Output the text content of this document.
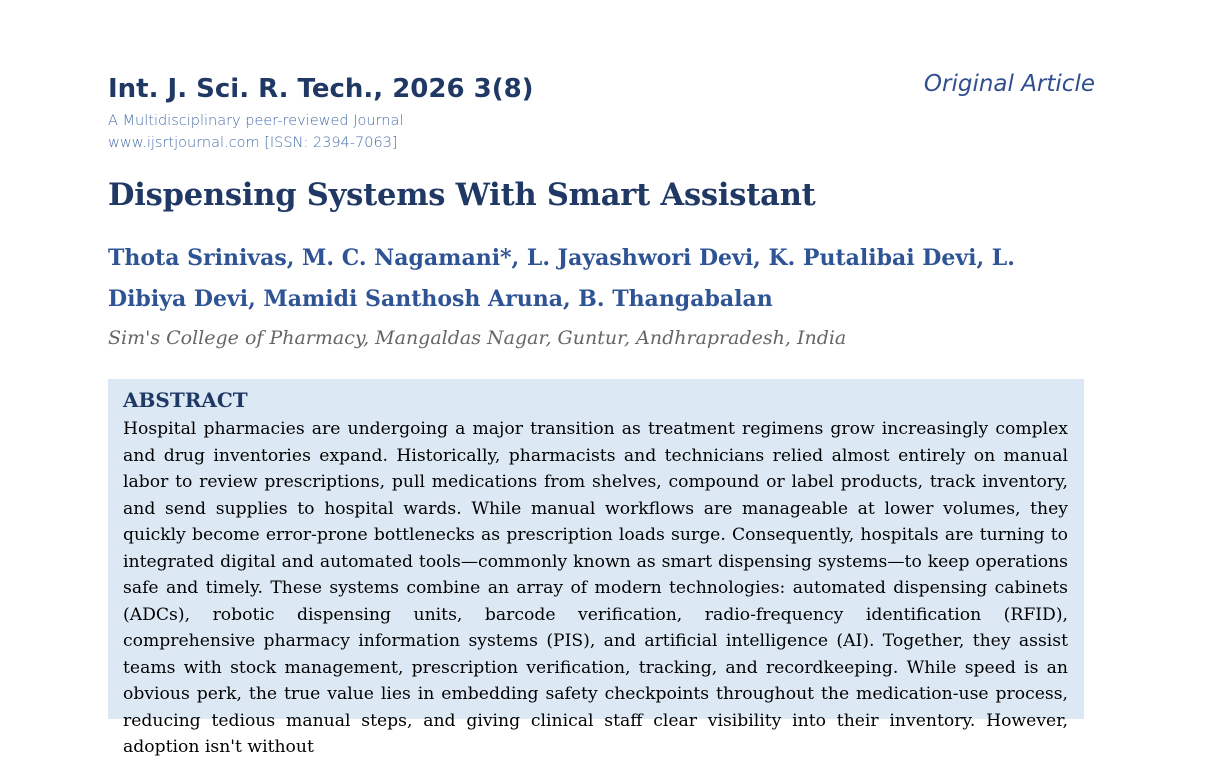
Int. J. Sci. R. Tech., 2026 3(8)
A Multidisciplinary peer-reviewed Journal
www.ijsrtjournal.com [ISSN: 2394-7063]
Original Article
Dispensing Systems With Smart Assistant
Thota Srinivas, M. C. Nagamani*, L. Jayashwori Devi, K. Putalibai Devi, L. Dibiya Devi, Mamidi Santhosh Aruna, B. Thangabalan
Sim's College of Pharmacy, Mangaldas Nagar, Guntur, Andhrapradesh, India
ABSTRACT

Hospital pharmacies are undergoing a major transition as treatment regimens grow increasingly complex and drug inventories expand. Historically, pharmacists and technicians relied almost entirely on manual labor to review prescriptions, pull medications from shelves, compound or label products, track inventory, and send supplies to hospital wards. While manual workflows are manageable at lower volumes, they quickly become error-prone bottlenecks as prescription loads surge. Consequently, hospitals are turning to integrated digital and automated tools—commonly known as smart dispensing systems—to keep operations safe and timely. These systems combine an array of modern technologies: automated dispensing cabinets (ADCs), robotic dispensing units, barcode verification, radio-frequency identification (RFID), comprehensive pharmacy information systems (PIS), and artificial intelligence (AI). Together, they assist teams with stock management, prescription verification, tracking, and recordkeeping. While speed is an obvious perk, the true value lies in embedding safety checkpoints throughout the medication-use process, reducing tedious manual steps, and giving clinical staff clear visibility into their inventory. However, adoption isn't without
